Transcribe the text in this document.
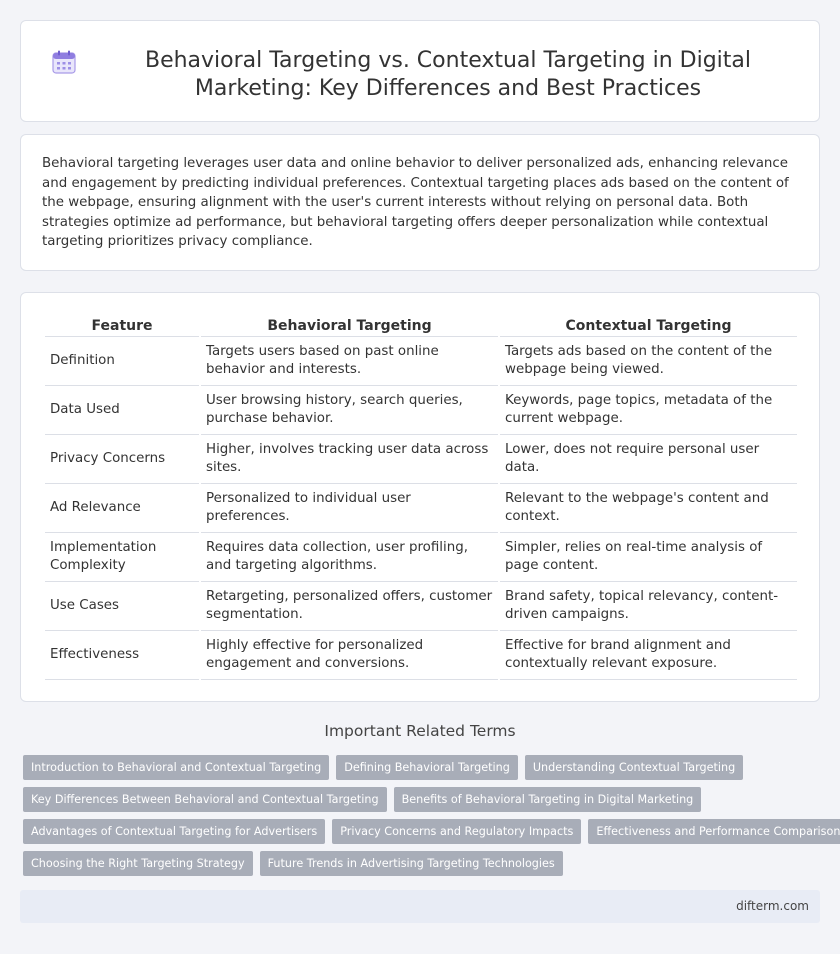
Behavioral Targeting vs. Contextual Targeting in Digital Marketing: Key Differences and Best Practices

Behavioral targeting leverages user data and online behavior to deliver personalized ads, enhancing relevance and engagement by predicting individual preferences. Contextual targeting places ads based on the content of the webpage, ensuring alignment with the user's current interests without relying on personal data. Both strategies optimize ad performance, but behavioral targeting offers deeper personalization while contextual targeting prioritizes privacy compliance.

Feature	Behavioral Targeting	Contextual Targeting
Definition	Targets users based on past online behavior and interests.	Targets ads based on the content of the webpage being viewed.
Data Used	User browsing history, search queries, purchase behavior.	Keywords, page topics, metadata of the current webpage.
Privacy Concerns	Higher, involves tracking user data across sites.	Lower, does not require personal user data.
Ad Relevance	Personalized to individual user preferences.	Relevant to the webpage's content and context.
Implementation Complexity	Requires data collection, user profiling, and targeting algorithms.	Simpler, relies on real-time analysis of page content.
Use Cases	Retargeting, personalized offers, customer segmentation.	Brand safety, topical relevancy, content-driven campaigns.
Effectiveness	Highly effective for personalized engagement and conversions.	Effective for brand alignment and contextually relevant exposure.
Important Related Terms
Introduction to Behavioral and Contextual Targeting	Defining Behavioral Targeting	Understanding Contextual Targeting
Key Differences Between Behavioral and Contextual Targeting	Benefits of Behavioral Targeting in Digital Marketing
Advantages of Contextual Targeting for Advertisers	Privacy Concerns and Regulatory Impacts	Effectiveness and Performance Comparison
Choosing the Right Targeting Strategy	Future Trends in Advertising Targeting Technologies
difterm.com
